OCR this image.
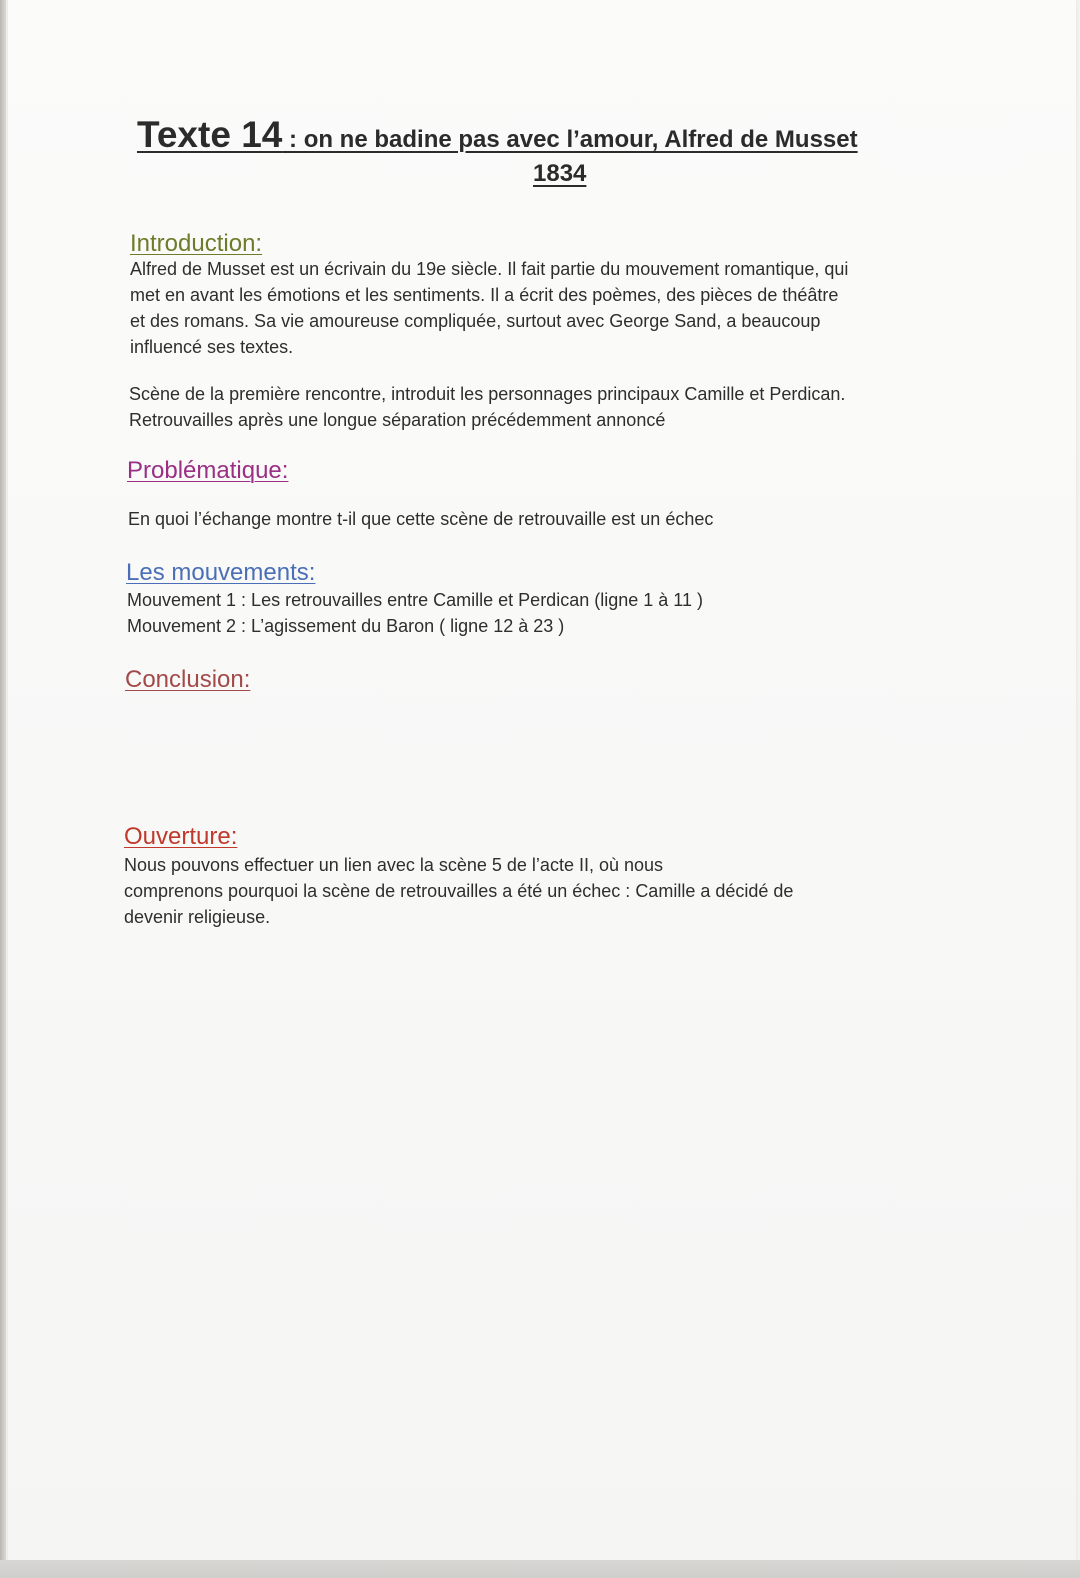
Texte 14 : on ne badine pas avec l’amour, Alfred de Musset
1834
Introduction:
Alfred de Musset est un écrivain du 19e siècle. Il fait partie du mouvement romantique, qui
met en avant les émotions et les sentiments. Il a écrit des poèmes, des pièces de théâtre
et des romans. Sa vie amoureuse compliquée, surtout avec George Sand, a beaucoup
influencé ses textes.
Scène de la première rencontre, introduit les personnages principaux Camille et Perdican.
Retrouvailles après une longue séparation précédemment annoncé
Problématique:
En quoi l’échange montre t-il que cette scène de retrouvaille est un échec
Les mouvements:
Mouvement 1 : Les retrouvailles entre Camille et Perdican (ligne 1 à 11 )
Mouvement 2 : L’agissement du Baron ( ligne 12 à 23 )
Conclusion:
Ouverture:
Nous pouvons effectuer un lien avec la scène 5 de l’acte II, où nous
comprenons pourquoi la scène de retrouvailles a été un échec : Camille a décidé de
devenir religieuse.
